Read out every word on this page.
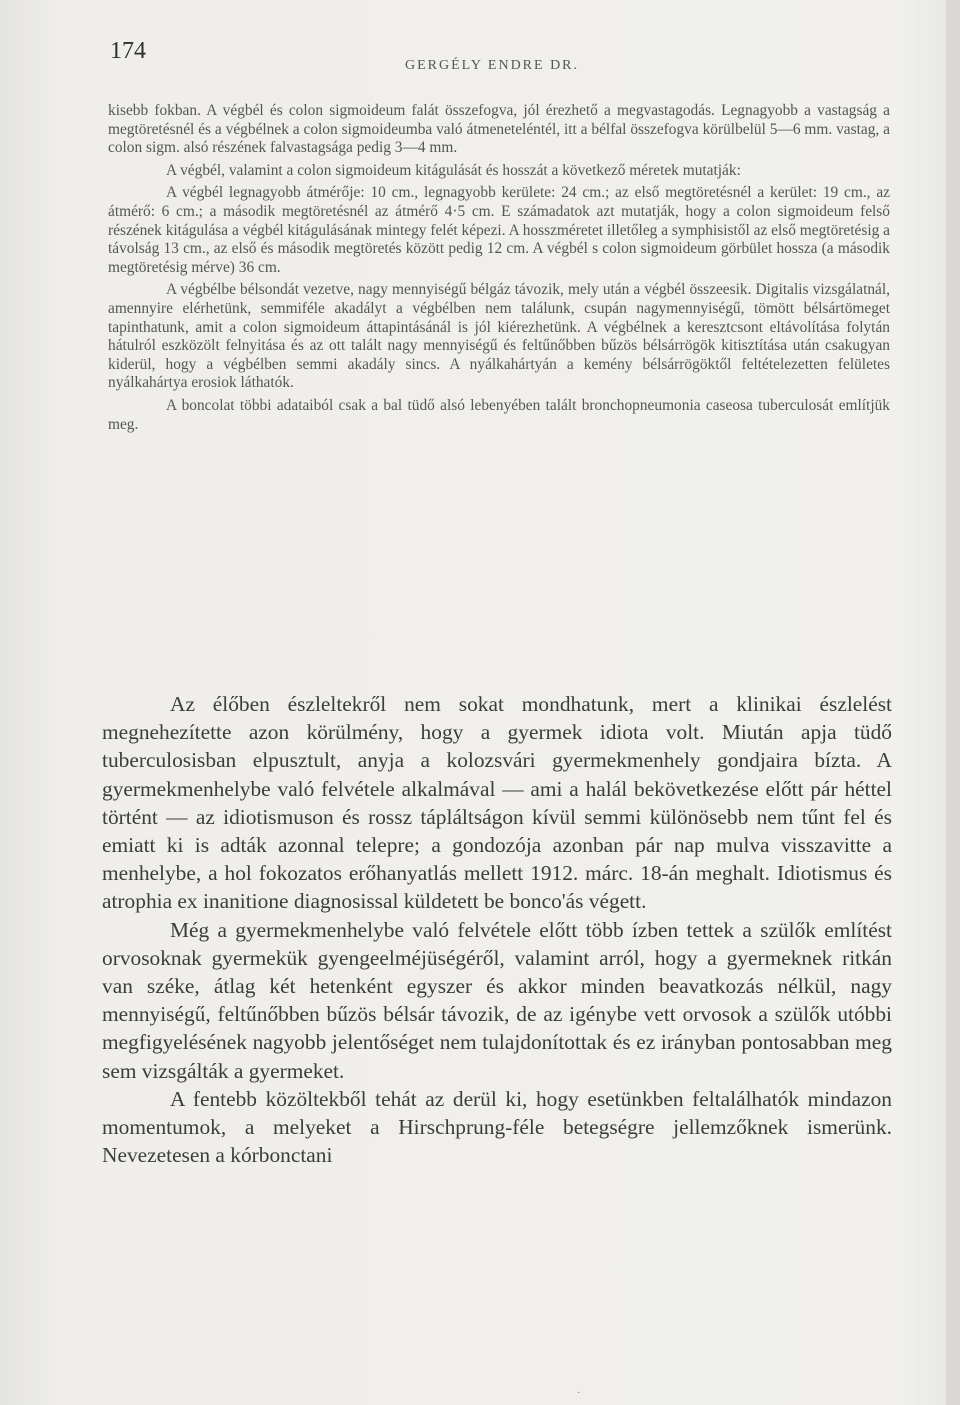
174
GERGÉLY ENDRE DR.

kisebb fokban. A végbél és colon sigmoideum falát összefogva, jól érezhető a megvastagodás. Legnagyobb a vastagság a megtöretésnél és a végbélnek a colon sigmoideumba való átmeneteléntél, itt a bélfal összefogva körülbelül 5—6 mm. vastag, a colon sigm. alsó részének falvastagsága pedig 3—4 mm.

A végbél, valamint a colon sigmoideum kitágulását és hosszát a következő méretek mutatják:

A végbél legnagyobb átmérője: 10 cm., legnagyobb kerülete: 24 cm.; az első megtöretésnél a kerület: 19 cm., az átmérő: 6 cm.; a második megtöretésnél az átmérő 4·5 cm. E számadatok azt mutatják, hogy a colon sigmoideum felső részének kitágulása a végbél kitágulásának mintegy felét képezi. A hosszméretet illetőleg a symphisistől az első megtöretésig a távolság 13 cm., az első és második megtöretés között pedig 12 cm. A végbél s colon sigmoideum görbület hossza (a második megtöretésig mérve) 36 cm.

A végbélbe bélsondát vezetve, nagy mennyiségű bélgáz távozik, mely után a végbél összeesik. Digitalis vizsgálatnál, amennyire elérhetünk, semmiféle akadályt a végbélben nem találunk, csupán nagymennyiségű, tömött bélsártömeget tapinthatunk, amit a colon sigmoideum áttapintásánál is jól kiérezhetünk. A végbélnek a keresztcsont eltávolítása folytán hátulról eszközölt felnyitása és az ott talált nagy mennyiségű és feltűnőbben bűzös bélsárrögök kitisztítása után csakugyan kiderül, hogy a végbélben semmi akadály sincs. A nyálkahártyán a kemény bélsárrögöktől feltételezetten felületes nyálkahártya erosiok láthatók.

A boncolat többi adataiból csak a bal tüdő alsó lebenyében talált bronchopneumonia caseosa tuberculosát említjük meg.

Az élőben észleltekről nem sokat mondhatunk, mert a klinikai észlelést megnehezítette azon körülmény, hogy a gyermek idiota volt. Miután apja tüdő tuberculosisban elpusztult, anyja a kolozsvári gyermekmenhely gondjaira bízta. A gyermekmenhelybe való felvétele alkalmával — ami a halál bekövetkezése előtt pár héttel történt — az idiotismuson és rossz tápláltságon kívül semmi különösebb nem tűnt fel és emiatt ki is adták azonnal telepre; a gondozója azonban pár nap mulva visszavitte a menhelybe, a hol fokozatos erőhanyatlás mellett 1912. márc. 18-án meghalt. Idiotismus és atrophia ex inanitione diagnosissal küldetett be bonco'ás végett.

Még a gyermekmenhelybe való felvétele előtt több ízben tettek a szülők említést orvosoknak gyermekük gyengeelméjüségéről, valamint arról, hogy a gyermeknek ritkán van széke, átlag két hetenként egyszer és akkor minden beavatkozás nélkül, nagy mennyiségű, feltűnőbben bűzös bélsár távozik, de az igénybe vett orvosok a szülők utóbbi megfigyelésének nagyobb jelentőséget nem tulajdonítottak és ez irányban pontosabban meg sem vizsgálták a gyermeket.

A fentebb közöltekből tehát az derül ki, hogy esetünkben feltalálhatók mindazon momentumok, a melyeket a Hirschprung-féle betegségre jellemzőknek ismerünk. Nevezetesen a kórbonctani

·
